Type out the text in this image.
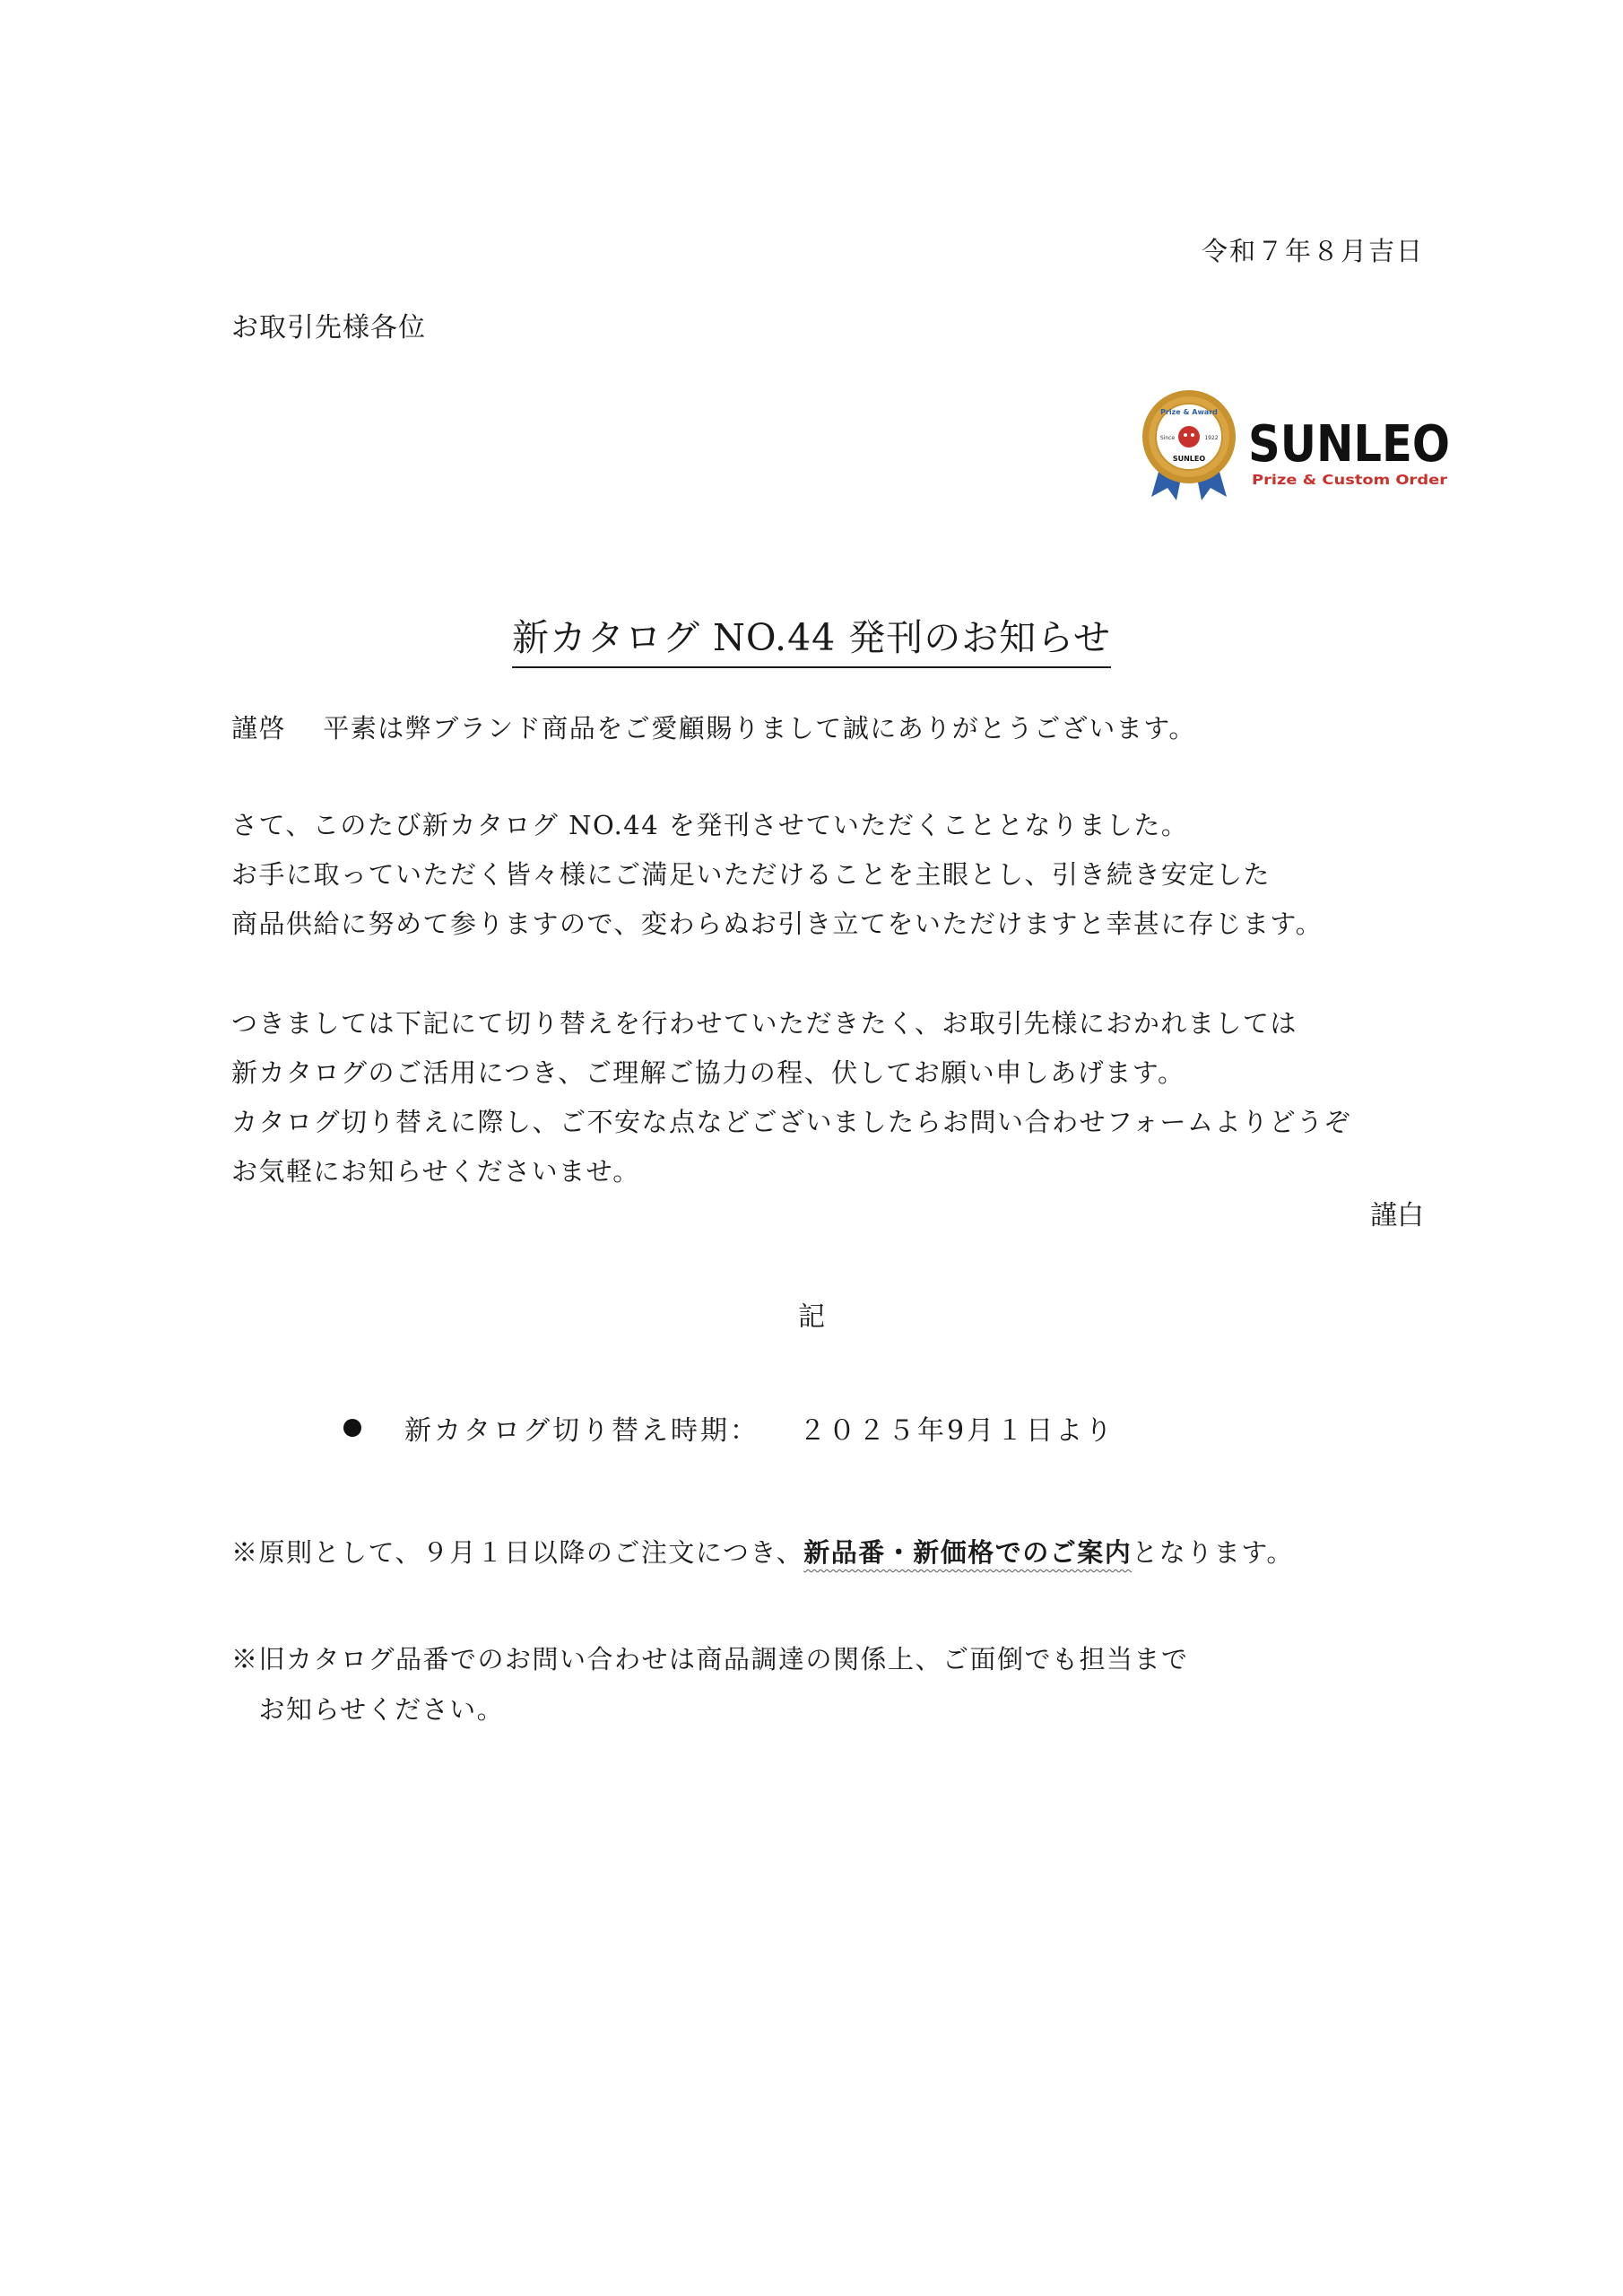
令和７年８月吉日
お取引先様各位
Prize & Award
Since	1922
SUNLEO SUNLEO
Prize & Custom Order
新カタログ NO.44 発刊のお知らせ
謹啓　 平素は弊ブランド商品をご愛顧賜りまして誠にありがとうございます。
さて、このたび新カタログ NO.44 を発刊させていただくこととなりました。
お手に取っていただく皆々様にご満足いただけることを主眼とし、引き続き安定した
商品供給に努めて参りますので、変わらぬお引き立てをいただけますと幸甚に存じます。
つきましては下記にて切り替えを行わせていただきたく、お取引先様におかれましては
新カタログのご活用につき、ご理解ご協力の程、伏してお願い申しあげます。
カタログ切り替えに際し、ご不安な点などございましたらお問い合わせフォームよりどうぞ
お気軽にお知らせくださいませ。
謹白
記
新カタログ切り替え時期： ２０２５年9月１日より
※原則として、９月１日以降のご注文につき、新品番・新価格でのご案内となります。
※旧カタログ品番でのお問い合わせは商品調達の関係上、ご面倒でも担当まで
　お知らせください。
